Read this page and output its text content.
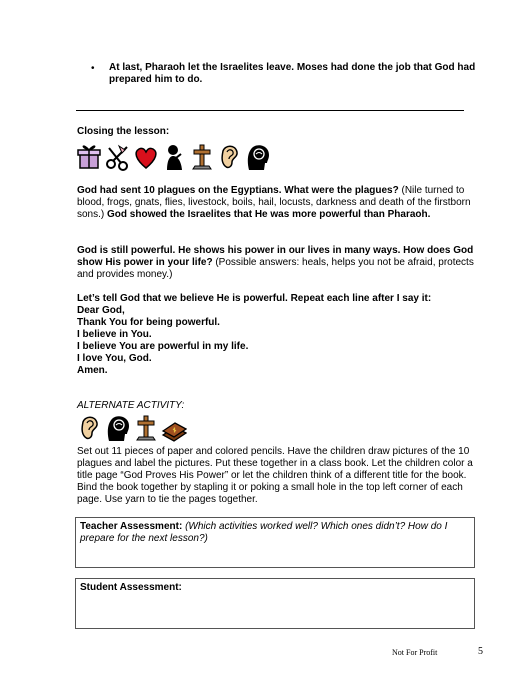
• At last, Pharaoh let the Israelites leave. Moses had done the job that God had prepared him to do.
Closing the lesson:
God had sent 10 plagues on the Egyptians. What were the plagues? (Nile turned to blood, frogs, gnats, flies, livestock, boils, hail, locusts, darkness and death of the firstborn sons.) God showed the Israelites that He was more powerful than Pharaoh.
God is still powerful. He shows his power in our lives in many ways. How does God show His power in your life? (Possible answers: heals, helps you not be afraid, protects and provides money.)
Let’s tell God that we believe He is powerful. Repeat each line after I say it:
Dear God,
Thank You for being powerful.
I believe in You.
I believe You are powerful in my life.
I love You, God.
Amen.
ALTERNATE ACTIVITY:
Set out 11 pieces of paper and colored pencils. Have the children draw pictures of the 10 plagues and label the pictures. Put these together in a class book. Let the children color a title page “God Proves His Power” or let the children think of a different title for the book. Bind the book together by stapling it or poking a small hole in the top left corner of each page. Use yarn to tie the pages together.
Teacher Assessment: (Which activities worked well? Which ones didn’t? How do I prepare for the next lesson?)
Student Assessment:
Not For Profit	5
